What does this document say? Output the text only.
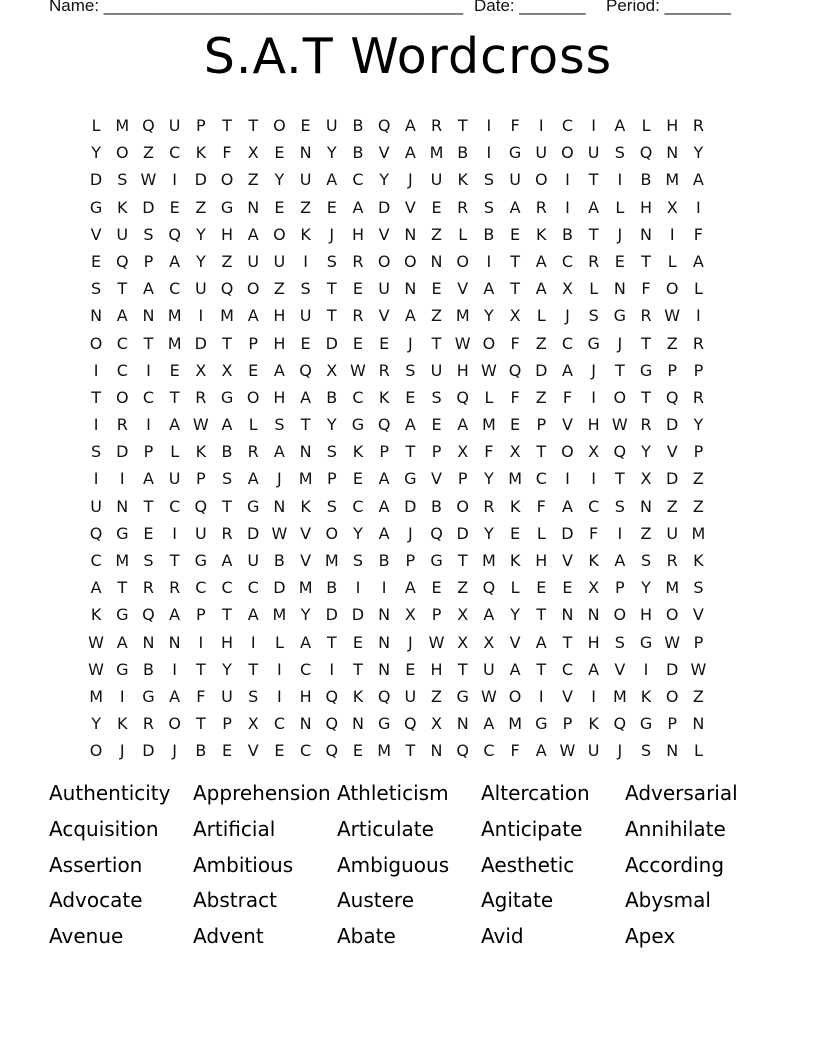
Name: ______________________________________ Date: _______ Period: _______
S.A.T Wordcross
L M Q U P	T	T O E U B Q A R T	I	F	I	C	I	A	L H R
Y O Z C K	F	X E N Y B V A M B	I	G U O U S Q N Y
D S W I	D O Z Y U A C Y	J	U K S U O	I	T	I	B M A
G K D E Z G N E Z E A D V E R S A R	I	A	L H X	I
V U S Q Y H A O K	J	H V N Z	L	B E K B T	J	N	I	F
E Q P A Y Z U U	I	S R O O N O	I	T A C R E	T	L	A
S	T A C U Q O Z S	T	E U N E V A T A X	L N F O L
N A N M	I	M A H U T R V A Z M Y X	L	J	S G R W I
O C T M D T	P H E D E	E	J	T W O F	Z C G	J	T Z R
I	C	I	E X X E A Q X W R S U H W Q D A	J	T G P	P
T O C T R G O H A B C K E	S Q L	F	Z	F	I	O T Q R
I	R	I	A W A	L	S	T	Y G Q A E A M E	P V H W R D Y
S D P	L	K B R A N S K	P	T	P X	F	X T O X Q Y V P
I	I	A U P	S A	J	M P	E A G V P	Y M C	I	I	T X D Z
U N T C Q T G N K S C A D B O R K	F	A C S N Z Z
Q G E	I	U R D W V O Y A	J	Q D Y	E	L D F	I	Z U M
C M S	T G A U B V M S B P G T M K H V K A S R K
A T R R C C C D M B	I	I	A E Z Q L	E	E X P	Y M S
K G Q A P	T A M Y D D N X P X A Y	T N N O H O V
W A N N	I	H	I	L	A T	E N	J W X X V A T H S G W P
W G B	I	T	Y	T	I	C	I	T N E H T U A T C A V	I	D W
M	I	G A	F U S	I	H Q K Q U Z G W O	I	V	I	M K O Z
Y	K R O T	P X C N Q N G Q X N A M G P	K Q G P N
O	J	D	J	B E V E C Q E M T N Q C	F	A W U	J	S N L
Authenticity	Apprehension Athleticism	Altercation	Adversarial
Acquisition	Artificial	Articulate	Anticipate	Annihilate
Assertion	Ambitious	Ambiguous	Aesthetic	According
Advocate	Abstract	Austere	Agitate	Abysmal
Avenue	Advent	Abate	Avid	Apex
